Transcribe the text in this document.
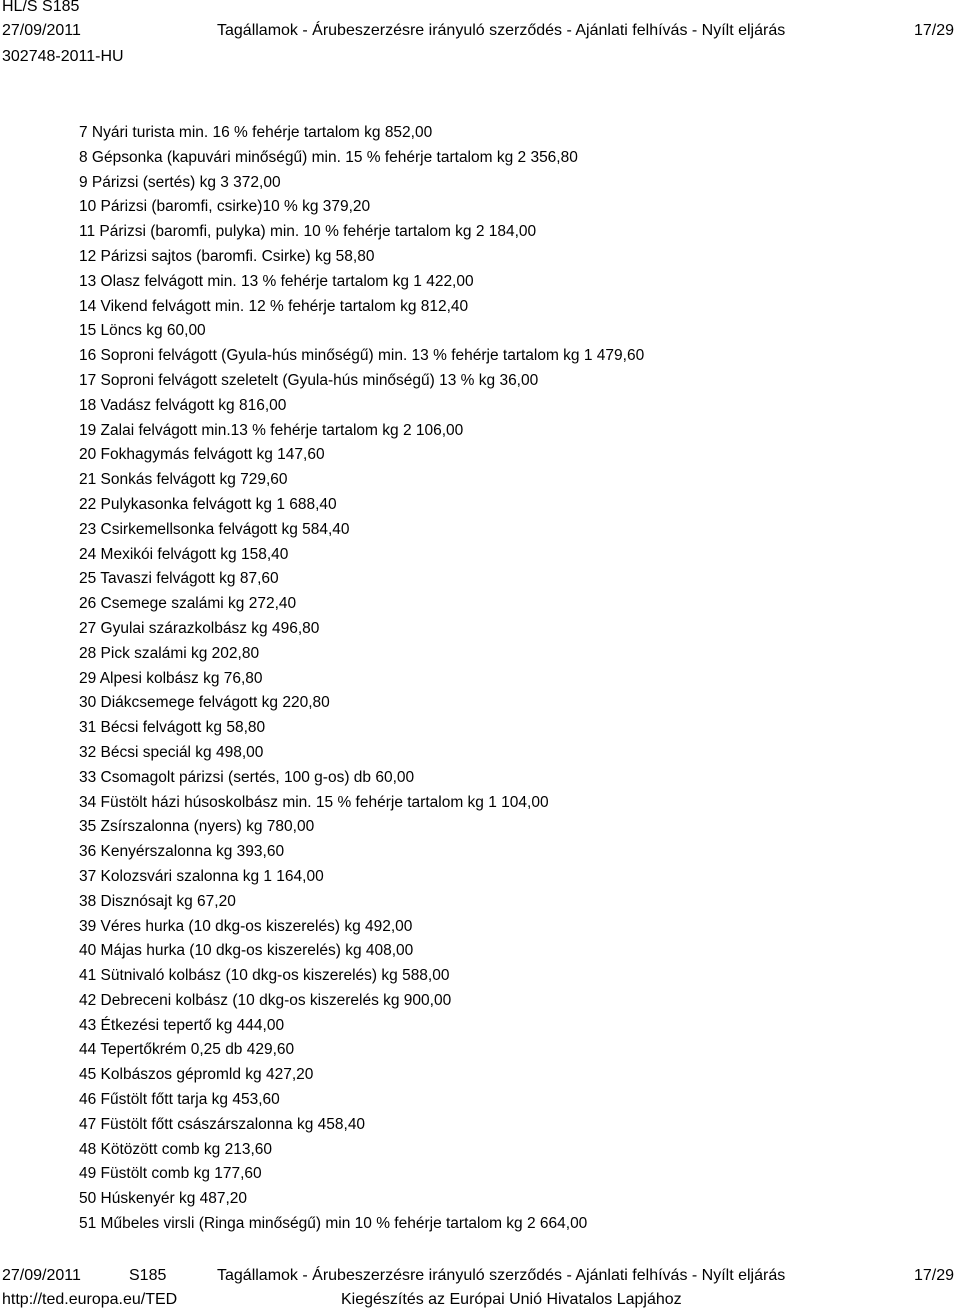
HL/S S185
27/09/2011	Tagállamok - Árubeszerzésre irányuló szerződés - Ajánlati felhívás - Nyílt eljárás	17/29
302748-2011-HU
7 Nyári turista min. 16 % fehérje tartalom kg 852,00
8 Gépsonka (kapuvári minőségű) min. 15 % fehérje tartalom kg 2 356,80
9 Párizsi (sertés) kg 3 372,00
10 Párizsi (baromfi, csirke)10 % kg 379,20
11 Párizsi (baromfi, pulyka) min. 10 % fehérje tartalom kg 2 184,00
12 Párizsi sajtos (baromfi. Csirke) kg 58,80
13 Olasz felvágott min. 13 % fehérje tartalom kg 1 422,00
14 Vikend felvágott min. 12 % fehérje tartalom kg 812,40
15 Löncs kg 60,00
16 Soproni felvágott (Gyula-hús minőségű) min. 13 % fehérje tartalom kg 1 479,60
17 Soproni felvágott szeletelt (Gyula-hús minőségű) 13 % kg 36,00
18 Vadász felvágott kg 816,00
19 Zalai felvágott min.13 % fehérje tartalom kg 2 106,00
20 Fokhagymás felvágott kg 147,60
21 Sonkás felvágott kg 729,60
22 Pulykasonka felvágott kg 1 688,40
23 Csirkemellsonka felvágott kg 584,40
24 Mexikói felvágott kg 158,40
25 Tavaszi felvágott kg 87,60
26 Csemege szalámi kg 272,40
27 Gyulai szárazkolbász kg 496,80
28 Pick szalámi kg 202,80
29 Alpesi kolbász kg 76,80
30 Diákcsemege felvágott kg 220,80
31 Bécsi felvágott kg 58,80
32 Bécsi speciál kg 498,00
33 Csomagolt párizsi (sertés, 100 g-os) db 60,00
34 Füstölt házi húsoskolbász min. 15 % fehérje tartalom kg 1 104,00
35 Zsírszalonna (nyers) kg 780,00
36 Kenyérszalonna kg 393,60
37 Kolozsvári szalonna kg 1 164,00
38 Disznósajt kg 67,20
39 Véres hurka (10 dkg-os kiszerelés) kg 492,00
40 Májas hurka (10 dkg-os kiszerelés) kg 408,00
41 Sütnivaló kolbász (10 dkg-os kiszerelés) kg 588,00
42 Debreceni kolbász (10 dkg-os kiszerelés kg 900,00
43 Étkezési tepertő kg 444,00
44 Tepertőkrém 0,25 db 429,60
45 Kolbászos gépromld kg 427,20
46 Fűstölt főtt tarja kg 453,60
47 Füstölt főtt császárszalonna kg 458,40
48 Kötözött comb kg 213,60
49 Füstölt comb kg 177,60
50 Húskenyér kg 487,20
51 Műbeles virsli (Ringa minőségű) min 10 % fehérje tartalom kg 2 664,00
27/09/2011	S185	Tagállamok - Árubeszerzésre irányuló szerződés - Ajánlati felhívás - Nyílt eljárás	17/29
http://ted.europa.eu/TED	Kiegészítés az Európai Unió Hivatalos Lapjához
